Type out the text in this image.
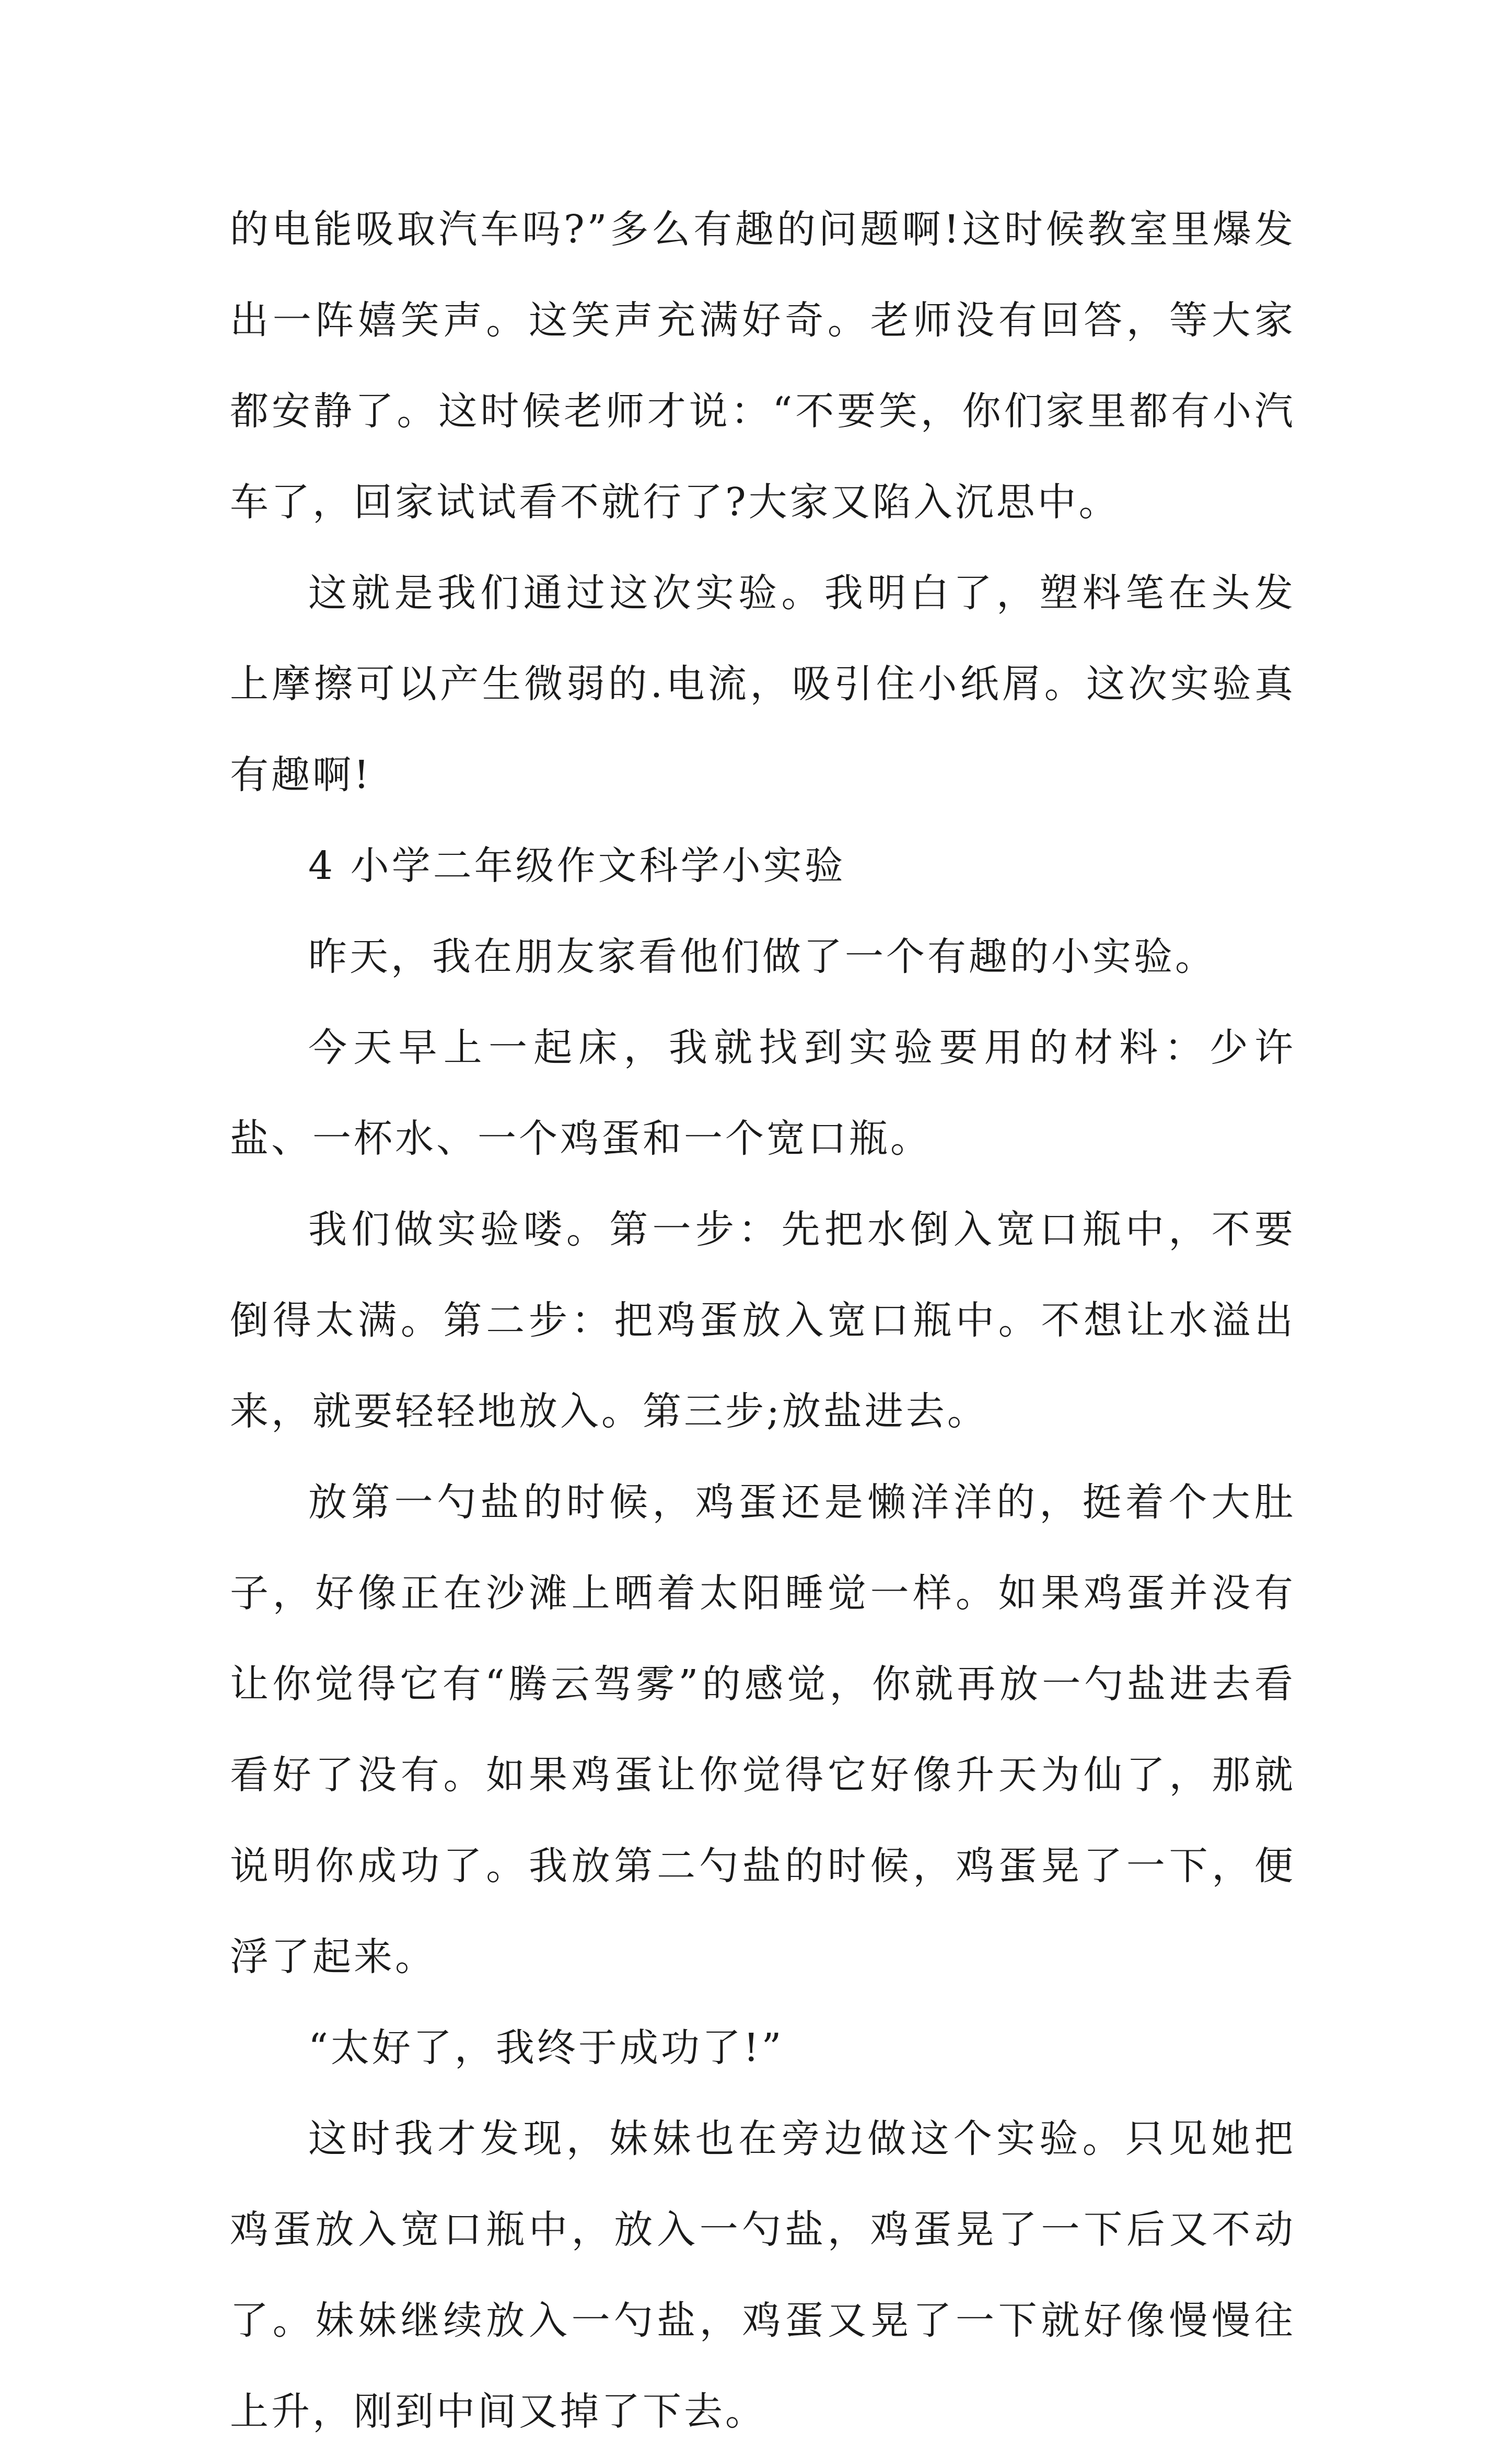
的电能吸取汽车吗?”多么有趣的问题啊!这时候教室里爆发出一阵嬉笑声。这笑声充满好奇。老师没有回答，等大家都安静了。这时候老师才说：“不要笑，你们家里都有小汽车了，回家试试看不就行了?大家又陷入沉思中。

这就是我们通过这次实验。我明白了，塑料笔在头发上摩擦可以产生微弱的.电流，吸引住小纸屑。这次实验真有趣啊!

4 小学二年级作文科学小实验

昨天，我在朋友家看他们做了一个有趣的小实验。

今天早上一起床，我就找到实验要用的材料：少许盐、一杯水、一个鸡蛋和一个宽口瓶。

我们做实验喽。第一步：先把水倒入宽口瓶中，不要倒得太满。第二步：把鸡蛋放入宽口瓶中。不想让水溢出来，就要轻轻地放入。第三步;放盐进去。

放第一勺盐的时候，鸡蛋还是懒洋洋的，挺着个大肚子，好像正在沙滩上晒着太阳睡觉一样。如果鸡蛋并没有让你觉得它有“腾云驾雾”的感觉，你就再放一勺盐进去看看好了没有。如果鸡蛋让你觉得它好像升天为仙了，那就说明你成功了。我放第二勺盐的时候，鸡蛋晃了一下，便浮了起来。

“太好了，我终于成功了!”

这时我才发现，妹妹也在旁边做这个实验。只见她把鸡蛋放入宽口瓶中，放入一勺盐，鸡蛋晃了一下后又不动了。妹妹继续放入一勺盐，鸡蛋又晃了一下就好像慢慢往上升，刚到中间又掉了下去。
